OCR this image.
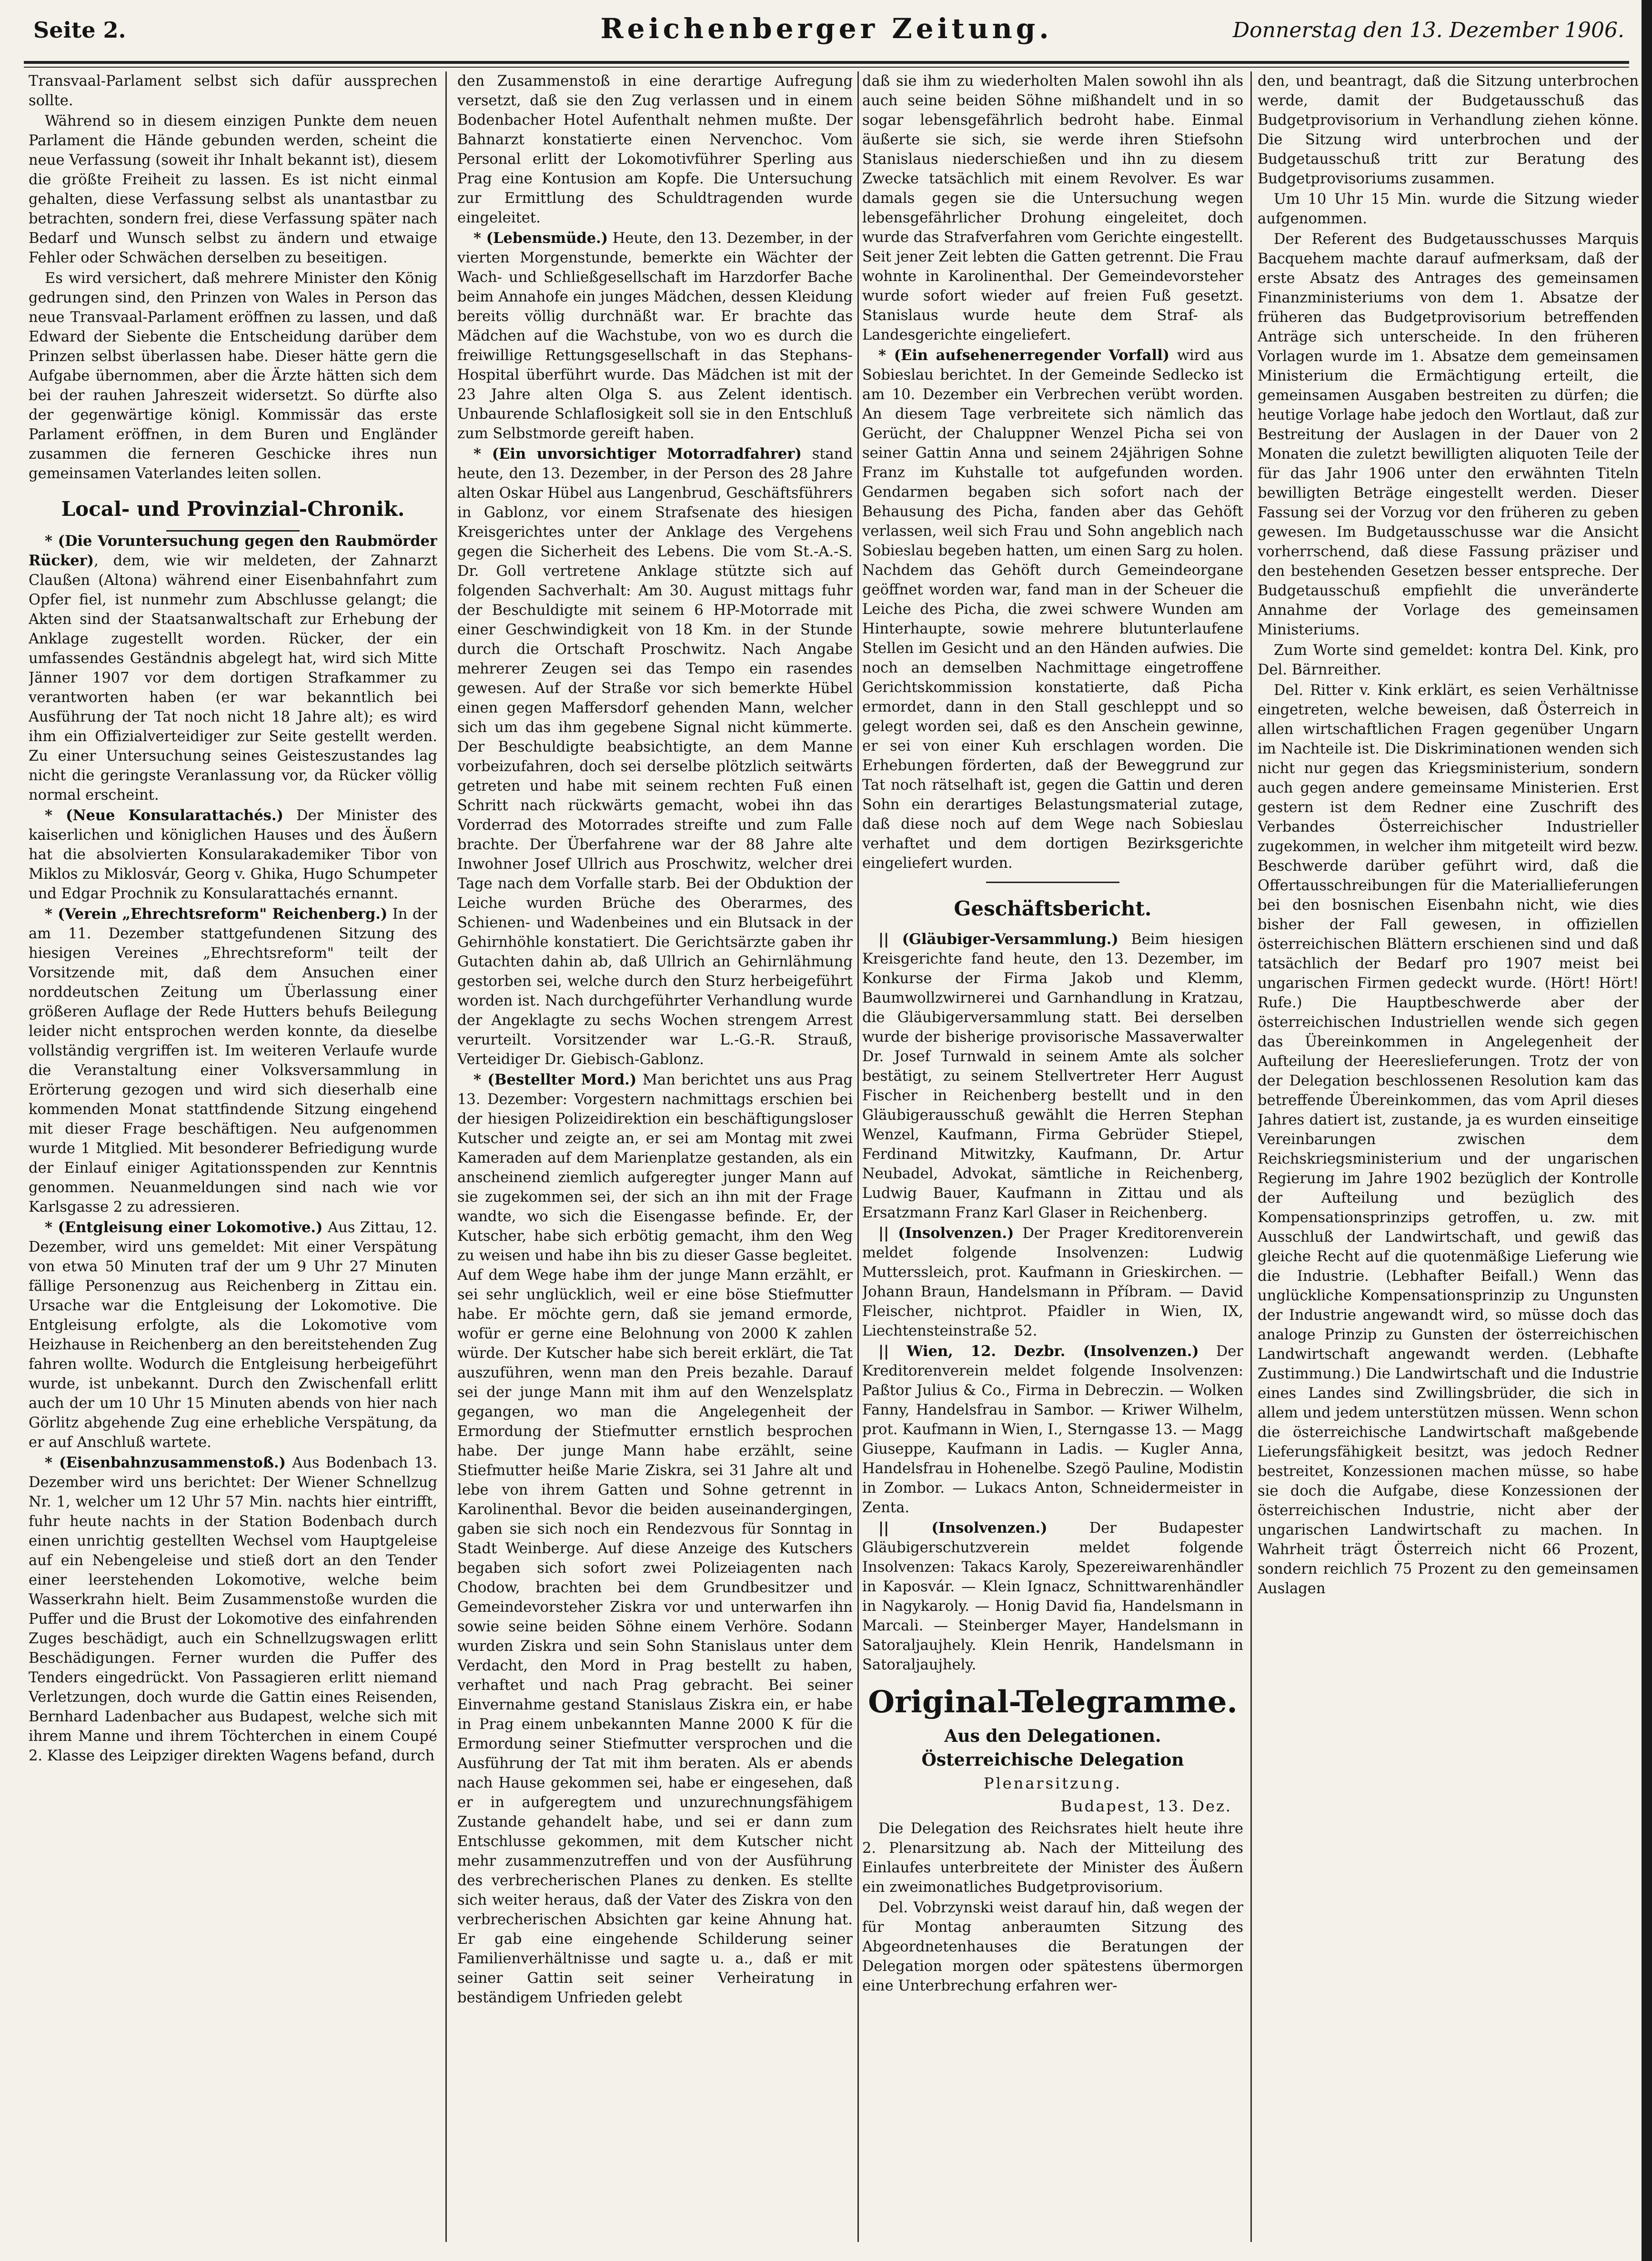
Seite 2.	Reichenberger Zeitung.	Donnerstag den 13. Dezember 1906.

Transvaal-Parlament selbst sich dafür aussprechen sollte.

Während so in diesem einzigen Punkte dem neuen Parlament die Hände gebunden werden, scheint die neue Verfassung (soweit ihr Inhalt bekannt ist), diesem die größte Freiheit zu lassen. Es ist nicht einmal gehalten, diese Verfassung selbst als unantastbar zu betrachten, sondern frei, diese Verfassung später nach Bedarf und Wunsch selbst zu ändern und etwaige Fehler oder Schwächen derselben zu beseitigen.

Es wird versichert, daß mehrere Minister den König gedrungen sind, den Prinzen von Wales in Person das neue Transvaal-Parlament eröffnen zu lassen, und daß Edward der Siebente die Entscheidung darüber dem Prinzen selbst überlassen habe. Dieser hätte gern die Aufgabe übernommen, aber die Ärzte hätten sich dem bei der rauhen Jahreszeit widersetzt. So dürfte also der gegenwärtige königl. Kommissär das erste Parlament eröffnen, in dem Buren und Engländer zusammen die ferneren Geschicke ihres nun gemeinsamen Vaterlandes leiten sollen.

Local- und Provinzial-Chronik.

* (Die Voruntersuchung gegen den Raubmörder Rücker), dem, wie wir meldeten, der Zahnarzt Claußen (Altona) während einer Eisenbahnfahrt zum Opfer fiel, ist nunmehr zum Abschlusse gelangt; die Akten sind der Staatsanwaltschaft zur Erhebung der Anklage zugestellt worden. Rücker, der ein umfassendes Geständnis abgelegt hat, wird sich Mitte Jänner 1907 vor dem dortigen Strafkammer zu verantworten haben (er war bekanntlich bei Ausführung der Tat noch nicht 18 Jahre alt); es wird ihm ein Offizialverteidiger zur Seite gestellt werden. Zu einer Untersuchung seines Geisteszustandes lag nicht die geringste Veranlassung vor, da Rücker völlig normal erscheint.

* (Neue Konsularattachés.) Der Minister des kaiserlichen und königlichen Hauses und des Äußern hat die absolvierten Konsularakademiker Tibor von Miklos zu Miklosvár, Georg v. Ghika, Hugo Schumpeter und Edgar Prochnik zu Konsularattachés ernannt.

* (Verein „Ehrechtsreform" Reichenberg.) In der am 11. Dezember stattgefundenen Sitzung des hiesigen Vereines „Ehrechtsreform" teilt der Vorsitzende mit, daß dem Ansuchen einer norddeutschen Zeitung um Überlassung einer größeren Auflage der Rede Hutters behufs Beilegung leider nicht entsprochen werden konnte, da dieselbe vollständig vergriffen ist. Im weiteren Verlaufe wurde die Veranstaltung einer Volksversammlung in Erörterung gezogen und wird sich dieserhalb eine kommenden Monat stattfindende Sitzung eingehend mit dieser Frage beschäftigen. Neu aufgenommen wurde 1 Mitglied. Mit besonderer Befriedigung wurde der Einlauf einiger Agitationsspenden zur Kenntnis genommen. Neuanmeldungen sind nach wie vor Karlsgasse 2 zu adressieren.

* (Entgleisung einer Lokomotive.) Aus Zittau, 12. Dezember, wird uns gemeldet: Mit einer Verspätung von etwa 50 Minuten traf der um 9 Uhr 27 Minuten fällige Personenzug aus Reichenberg in Zittau ein. Ursache war die Entgleisung der Lokomotive. Die Entgleisung erfolgte, als die Lokomotive vom Heizhause in Reichenberg an den bereitstehenden Zug fahren wollte. Wodurch die Entgleisung herbeigeführt wurde, ist unbekannt. Durch den Zwischenfall erlitt auch der um 10 Uhr 15 Minuten abends von hier nach Görlitz abgehende Zug eine erhebliche Verspätung, da er auf Anschluß wartete.

* (Eisenbahnzusammenstoß.) Aus Bodenbach 13. Dezember wird uns berichtet: Der Wiener Schnellzug Nr. 1, welcher um 12 Uhr 57 Min. nachts hier eintrifft, fuhr heute nachts in der Station Bodenbach durch einen unrichtig gestellten Wechsel vom Hauptgeleise auf ein Nebengeleise und stieß dort an den Tender einer leerstehenden Lokomotive, welche beim Wasserkrahn hielt. Beim Zusammenstoße wurden die Puffer und die Brust der Lokomotive des einfahrenden Zuges beschädigt, auch ein Schnellzugswagen erlitt Beschädigungen. Ferner wurden die Puffer des Tenders eingedrückt. Von Passagieren erlitt niemand Verletzungen, doch wurde die Gattin eines Reisenden, Bernhard Ladenbacher aus Budapest, welche sich mit ihrem Manne und ihrem Töchterchen in einem Coupé 2. Klasse des Leipziger direkten Wagens befand, durch

den Zusammenstoß in eine derartige Aufregung versetzt, daß sie den Zug verlassen und in einem Bodenbacher Hotel Aufenthalt nehmen mußte. Der Bahnarzt konstatierte einen Nervenchoc. Vom Personal erlitt der Lokomotivführer Sperling aus Prag eine Kontusion am Kopfe. Die Untersuchung zur Ermittlung des Schuldtragenden wurde eingeleitet.

* (Lebensmüde.) Heute, den 13. Dezember, in der vierten Morgenstunde, bemerkte ein Wächter der Wach- und Schließgesellschaft im Harzdorfer Bache beim Annahofe ein junges Mädchen, dessen Kleidung bereits völlig durchnäßt war. Er brachte das Mädchen auf die Wachstube, von wo es durch die freiwillige Rettungsgesellschaft in das Stephans-Hospital überführt wurde. Das Mädchen ist mit der 23 Jahre alten Olga S. aus Zelent identisch. Unbaurende Schlaflosigkeit soll sie in den Entschluß zum Selbstmorde gereift haben.

* (Ein unvorsichtiger Motorradfahrer) stand heute, den 13. Dezember, in der Person des 28 Jahre alten Oskar Hübel aus Langenbrud, Geschäftsführers in Gablonz, vor einem Strafsenate des hiesigen Kreisgerichtes unter der Anklage des Vergehens gegen die Sicherheit des Lebens. Die vom St.-A.-S. Dr. Goll vertretene Anklage stützte sich auf folgenden Sachverhalt: Am 30. August mittags fuhr der Beschuldigte mit seinem 6 HP-Motorrade mit einer Geschwindigkeit von 18 Km. in der Stunde durch die Ortschaft Proschwitz. Nach Angabe mehrerer Zeugen sei das Tempo ein rasendes gewesen. Auf der Straße vor sich bemerkte Hübel einen gegen Maffersdorf gehenden Mann, welcher sich um das ihm gegebene Signal nicht kümmerte. Der Beschuldigte beabsichtigte, an dem Manne vorbeizufahren, doch sei derselbe plötzlich seitwärts getreten und habe mit seinem rechten Fuß einen Schritt nach rückwärts gemacht, wobei ihn das Vorderrad des Motorrades streifte und zum Falle brachte. Der Überfahrene war der 88 Jahre alte Inwohner Josef Ullrich aus Proschwitz, welcher drei Tage nach dem Vorfalle starb. Bei der Obduktion der Leiche wurden Brüche des Oberarmes, des Schienen- und Wadenbeines und ein Blutsack in der Gehirnhöhle konstatiert. Die Gerichtsärzte gaben ihr Gutachten dahin ab, daß Ullrich an Gehirnlähmung gestorben sei, welche durch den Sturz herbeigeführt worden ist. Nach durchgeführter Verhandlung wurde der Angeklagte zu sechs Wochen strengem Arrest verurteilt. Vorsitzender war L.-G.-R. Strauß, Verteidiger Dr. Giebisch-Gablonz.

* (Bestellter Mord.) Man berichtet uns aus Prag 13. Dezember: Vorgestern nachmittags erschien bei der hiesigen Polizeidirektion ein beschäftigungsloser Kutscher und zeigte an, er sei am Montag mit zwei Kameraden auf dem Marienplatze gestanden, als ein anscheinend ziemlich aufgeregter junger Mann auf sie zugekommen sei, der sich an ihn mit der Frage wandte, wo sich die Eisengasse befinde. Er, der Kutscher, habe sich erbötig gemacht, ihm den Weg zu weisen und habe ihn bis zu dieser Gasse begleitet. Auf dem Wege habe ihm der junge Mann erzählt, er sei sehr unglücklich, weil er eine böse Stiefmutter habe. Er möchte gern, daß sie jemand ermorde, wofür er gerne eine Belohnung von 2000 K zahlen würde. Der Kutscher habe sich bereit erklärt, die Tat auszuführen, wenn man den Preis bezahle. Darauf sei der junge Mann mit ihm auf den Wenzelsplatz gegangen, wo man die Angelegenheit der Ermordung der Stiefmutter ernstlich besprochen habe. Der junge Mann habe erzählt, seine Stiefmutter heiße Marie Ziskra, sei 31 Jahre alt und lebe von ihrem Gatten und Sohne getrennt in Karolinenthal. Bevor die beiden auseinandergingen, gaben sie sich noch ein Rendezvous für Sonntag in Stadt Weinberge. Auf diese Anzeige des Kutschers begaben sich sofort zwei Polizeiagenten nach Chodow, brachten bei dem Grundbesitzer und Gemeindevorsteher Ziskra vor und unterwarfen ihn sowie seine beiden Söhne einem Verhöre. Sodann wurden Ziskra und sein Sohn Stanislaus unter dem Verdacht, den Mord in Prag bestellt zu haben, verhaftet und nach Prag gebracht. Bei seiner Einvernahme gestand Stanislaus Ziskra ein, er habe in Prag einem unbekannten Manne 2000 K für die Ermordung seiner Stiefmutter versprochen und die Ausführung der Tat mit ihm beraten. Als er abends nach Hause gekommen sei, habe er eingesehen, daß er in aufgeregtem und unzurechnungsfähigem Zustande gehandelt habe, und sei er dann zum Entschlusse gekommen, mit dem Kutscher nicht mehr zusammenzutreffen und von der Ausführung des verbrecherischen Planes zu denken. Es stellte sich weiter heraus, daß der Vater des Ziskra von den verbrecherischen Absichten gar keine Ahnung hat. Er gab eine eingehende Schilderung seiner Familienverhältnisse und sagte u. a., daß er mit seiner Gattin seit seiner Verheiratung in beständigem Unfrieden gelebt

daß sie ihm zu wiederholten Malen sowohl ihn als auch seine beiden Söhne mißhandelt und in so sogar lebensgefährlich bedroht habe. Einmal äußerte sie sich, sie werde ihren Stiefsohn Stanislaus niederschießen und ihn zu diesem Zwecke tatsächlich mit einem Revolver. Es war damals gegen sie die Untersuchung wegen lebensgefährlicher Drohung eingeleitet, doch wurde das Strafverfahren vom Gerichte eingestellt. Seit jener Zeit lebten die Gatten getrennt. Die Frau wohnte in Karolinenthal. Der Gemeindevorsteher wurde sofort wieder auf freien Fuß gesetzt. Stanislaus wurde heute dem Straf- als Landesgerichte eingeliefert.

* (Ein aufsehenerregender Vorfall) wird aus Sobieslau berichtet. In der Gemeinde Sedlecko ist am 10. Dezember ein Verbrechen verübt worden. An diesem Tage verbreitete sich nämlich das Gerücht, der Chaluppner Wenzel Picha sei von seiner Gattin Anna und seinem 24jährigen Sohne Franz im Kuhstalle tot aufgefunden worden. Gendarmen begaben sich sofort nach der Behausung des Picha, fanden aber das Gehöft verlassen, weil sich Frau und Sohn angeblich nach Sobieslau begeben hatten, um einen Sarg zu holen. Nachdem das Gehöft durch Gemeindeorgane geöffnet worden war, fand man in der Scheuer die Leiche des Picha, die zwei schwere Wunden am Hinterhaupte, sowie mehrere blutunterlaufene Stellen im Gesicht und an den Händen aufwies. Die noch an demselben Nachmittage eingetroffene Gerichtskommission konstatierte, daß Picha ermordet, dann in den Stall geschleppt und so gelegt worden sei, daß es den Anschein gewinne, er sei von einer Kuh erschlagen worden. Die Erhebungen förderten, daß der Beweggrund zur Tat noch rätselhaft ist, gegen die Gattin und deren Sohn ein derartiges Belastungsmaterial zutage, daß diese noch auf dem Wege nach Sobieslau verhaftet und dem dortigen Bezirksgerichte eingeliefert wurden.

Geschäftsbericht.

|| (Gläubiger-Versammlung.) Beim hiesigen Kreisgerichte fand heute, den 13. Dezember, im Konkurse der Firma Jakob und Klemm, Baumwollzwirnerei und Garnhandlung in Kratzau, die Gläubigerversammlung statt. Bei derselben wurde der bisherige provisorische Massaverwalter Dr. Josef Turnwald in seinem Amte als solcher bestätigt, zu seinem Stellvertreter Herr August Fischer in Reichenberg bestellt und in den Gläubigerausschuß gewählt die Herren Stephan Wenzel, Kaufmann, Firma Gebrüder Stiepel, Ferdinand Mitwitzky, Kaufmann, Dr. Artur Neubadel, Advokat, sämtliche in Reichenberg, Ludwig Bauer, Kaufmann in Zittau und als Ersatzmann Franz Karl Glaser in Reichenberg.

|| (Insolvenzen.) Der Prager Kreditorenverein meldet folgende Insolvenzen: Ludwig Mutterssleich, prot. Kaufmann in Grieskirchen. — Johann Braun, Handelsmann in Příbram. — David Fleischer, nichtprot. Pfaidler in Wien, IX, Liechtensteinstraße 52.

|| Wien, 12. Dezbr. (Insolvenzen.) Der Kreditorenverein meldet folgende Insolvenzen: Paßtor Julius & Co., Firma in Debreczin. — Wolken Fanny, Handelsfrau in Sambor. — Kriwer Wilhelm, prot. Kaufmann in Wien, I., Sterngasse 13. — Magg Giuseppe, Kaufmann in Ladis. — Kugler Anna, Handelsfrau in Hohenelbe. Szegö Pauline, Modistin in Zombor. — Lukacs Anton, Schneidermeister in Zenta.

|| (Insolvenzen.) Der Budapester Gläubigerschutzverein meldet folgende Insolvenzen: Takacs Karoly, Spezereiwarenhändler in Kaposvár. — Klein Ignacz, Schnittwarenhändler in Nagykaroly. — Honig David fia, Handelsmann in Marcali. — Steinberger Mayer, Handelsmann in Satoraljaujhely. Klein Henrik, Handelsmann in Satoraljaujhely.

Original-Telegramme.
Aus den Delegationen.
Österreichische Delegation
Plenarsitzung.
Budapest, 13. Dez.

Die Delegation des Reichsrates hielt heute ihre 2. Plenarsitzung ab. Nach der Mitteilung des Einlaufes unterbreitete der Minister des Äußern ein zweimonatliches Budgetprovisorium.

Del. Vobrzynski weist darauf hin, daß wegen der für Montag anberaumten Sitzung des Abgeordnetenhauses die Beratungen der Delegation morgen oder spätestens übermorgen eine Unterbrechung erfahren wer-

den, und beantragt, daß die Sitzung unterbrochen werde, damit der Budgetausschuß das Budgetprovisorium in Verhandlung ziehen könne. Die Sitzung wird unterbrochen und der Budgetausschuß tritt zur Beratung des Budgetprovisoriums zusammen.

Um 10 Uhr 15 Min. wurde die Sitzung wieder aufgenommen.

Der Referent des Budgetausschusses Marquis Bacquehem machte darauf aufmerksam, daß der erste Absatz des Antrages des gemeinsamen Finanzministeriums von dem 1. Absatze der früheren das Budgetprovisorium betreffenden Anträge sich unterscheide. In den früheren Vorlagen wurde im 1. Absatze dem gemeinsamen Ministerium die Ermächtigung erteilt, die gemeinsamen Ausgaben bestreiten zu dürfen; die heutige Vorlage habe jedoch den Wortlaut, daß zur Bestreitung der Auslagen in der Dauer von 2 Monaten die zuletzt bewilligten aliquoten Teile der für das Jahr 1906 unter den erwähnten Titeln bewilligten Beträge eingestellt werden. Dieser Fassung sei der Vorzug vor den früheren zu geben gewesen. Im Budgetausschusse war die Ansicht vorherrschend, daß diese Fassung präziser und den bestehenden Gesetzen besser entspreche. Der Budgetausschuß empfiehlt die unveränderte Annahme der Vorlage des gemeinsamen Ministeriums.

Zum Worte sind gemeldet: kontra Del. Kink, pro Del. Bärnreither.

Del. Ritter v. Kink erklärt, es seien Verhältnisse eingetreten, welche beweisen, daß Österreich in allen wirtschaftlichen Fragen gegenüber Ungarn im Nachteile ist. Die Diskriminationen wenden sich nicht nur gegen das Kriegsministerium, sondern auch gegen andere gemeinsame Ministerien. Erst gestern ist dem Redner eine Zuschrift des Verbandes Österreichischer Industrieller zugekommen, in welcher ihm mitgeteilt wird bezw. Beschwerde darüber geführt wird, daß die Offertausschreibungen für die Materiallieferungen bei den bosnischen Eisenbahn nicht, wie dies bisher der Fall gewesen, in offiziellen österreichischen Blättern erschienen sind und daß tatsächlich der Bedarf pro 1907 meist bei ungarischen Firmen gedeckt wurde. (Hört! Hört! Rufe.) Die Hauptbeschwerde aber der österreichischen Industriellen wende sich gegen das Übereinkommen in Angelegenheit der Aufteilung der Heereslieferungen. Trotz der von der Delegation beschlossenen Resolution kam das betreffende Übereinkommen, das vom April dieses Jahres datiert ist, zustande, ja es wurden einseitige Vereinbarungen zwischen dem Reichskriegsministerium und der ungarischen Regierung im Jahre 1902 bezüglich der Kontrolle der Aufteilung und bezüglich des Kompensationsprinzips getroffen, u. zw. mit Ausschluß der Landwirtschaft, und gewiß das gleiche Recht auf die quotenmäßige Lieferung wie die Industrie. (Lebhafter Beifall.) Wenn das unglückliche Kompensationsprinzip zu Ungunsten der Industrie angewandt wird, so müsse doch das analoge Prinzip zu Gunsten der österreichischen Landwirtschaft angewandt werden. (Lebhafte Zustimmung.) Die Landwirtschaft und die Industrie eines Landes sind Zwillingsbrüder, die sich in allem und jedem unterstützen müssen. Wenn schon die österreichische Landwirtschaft maßgebende Lieferungsfähigkeit besitzt, was jedoch Redner bestreitet, Konzessionen machen müsse, so habe sie doch die Aufgabe, diese Konzessionen der österreichischen Industrie, nicht aber der ungarischen Landwirtschaft zu machen. In Wahrheit trägt Österreich nicht 66 Prozent, sondern reichlich 75 Prozent zu den gemeinsamen Auslagen
